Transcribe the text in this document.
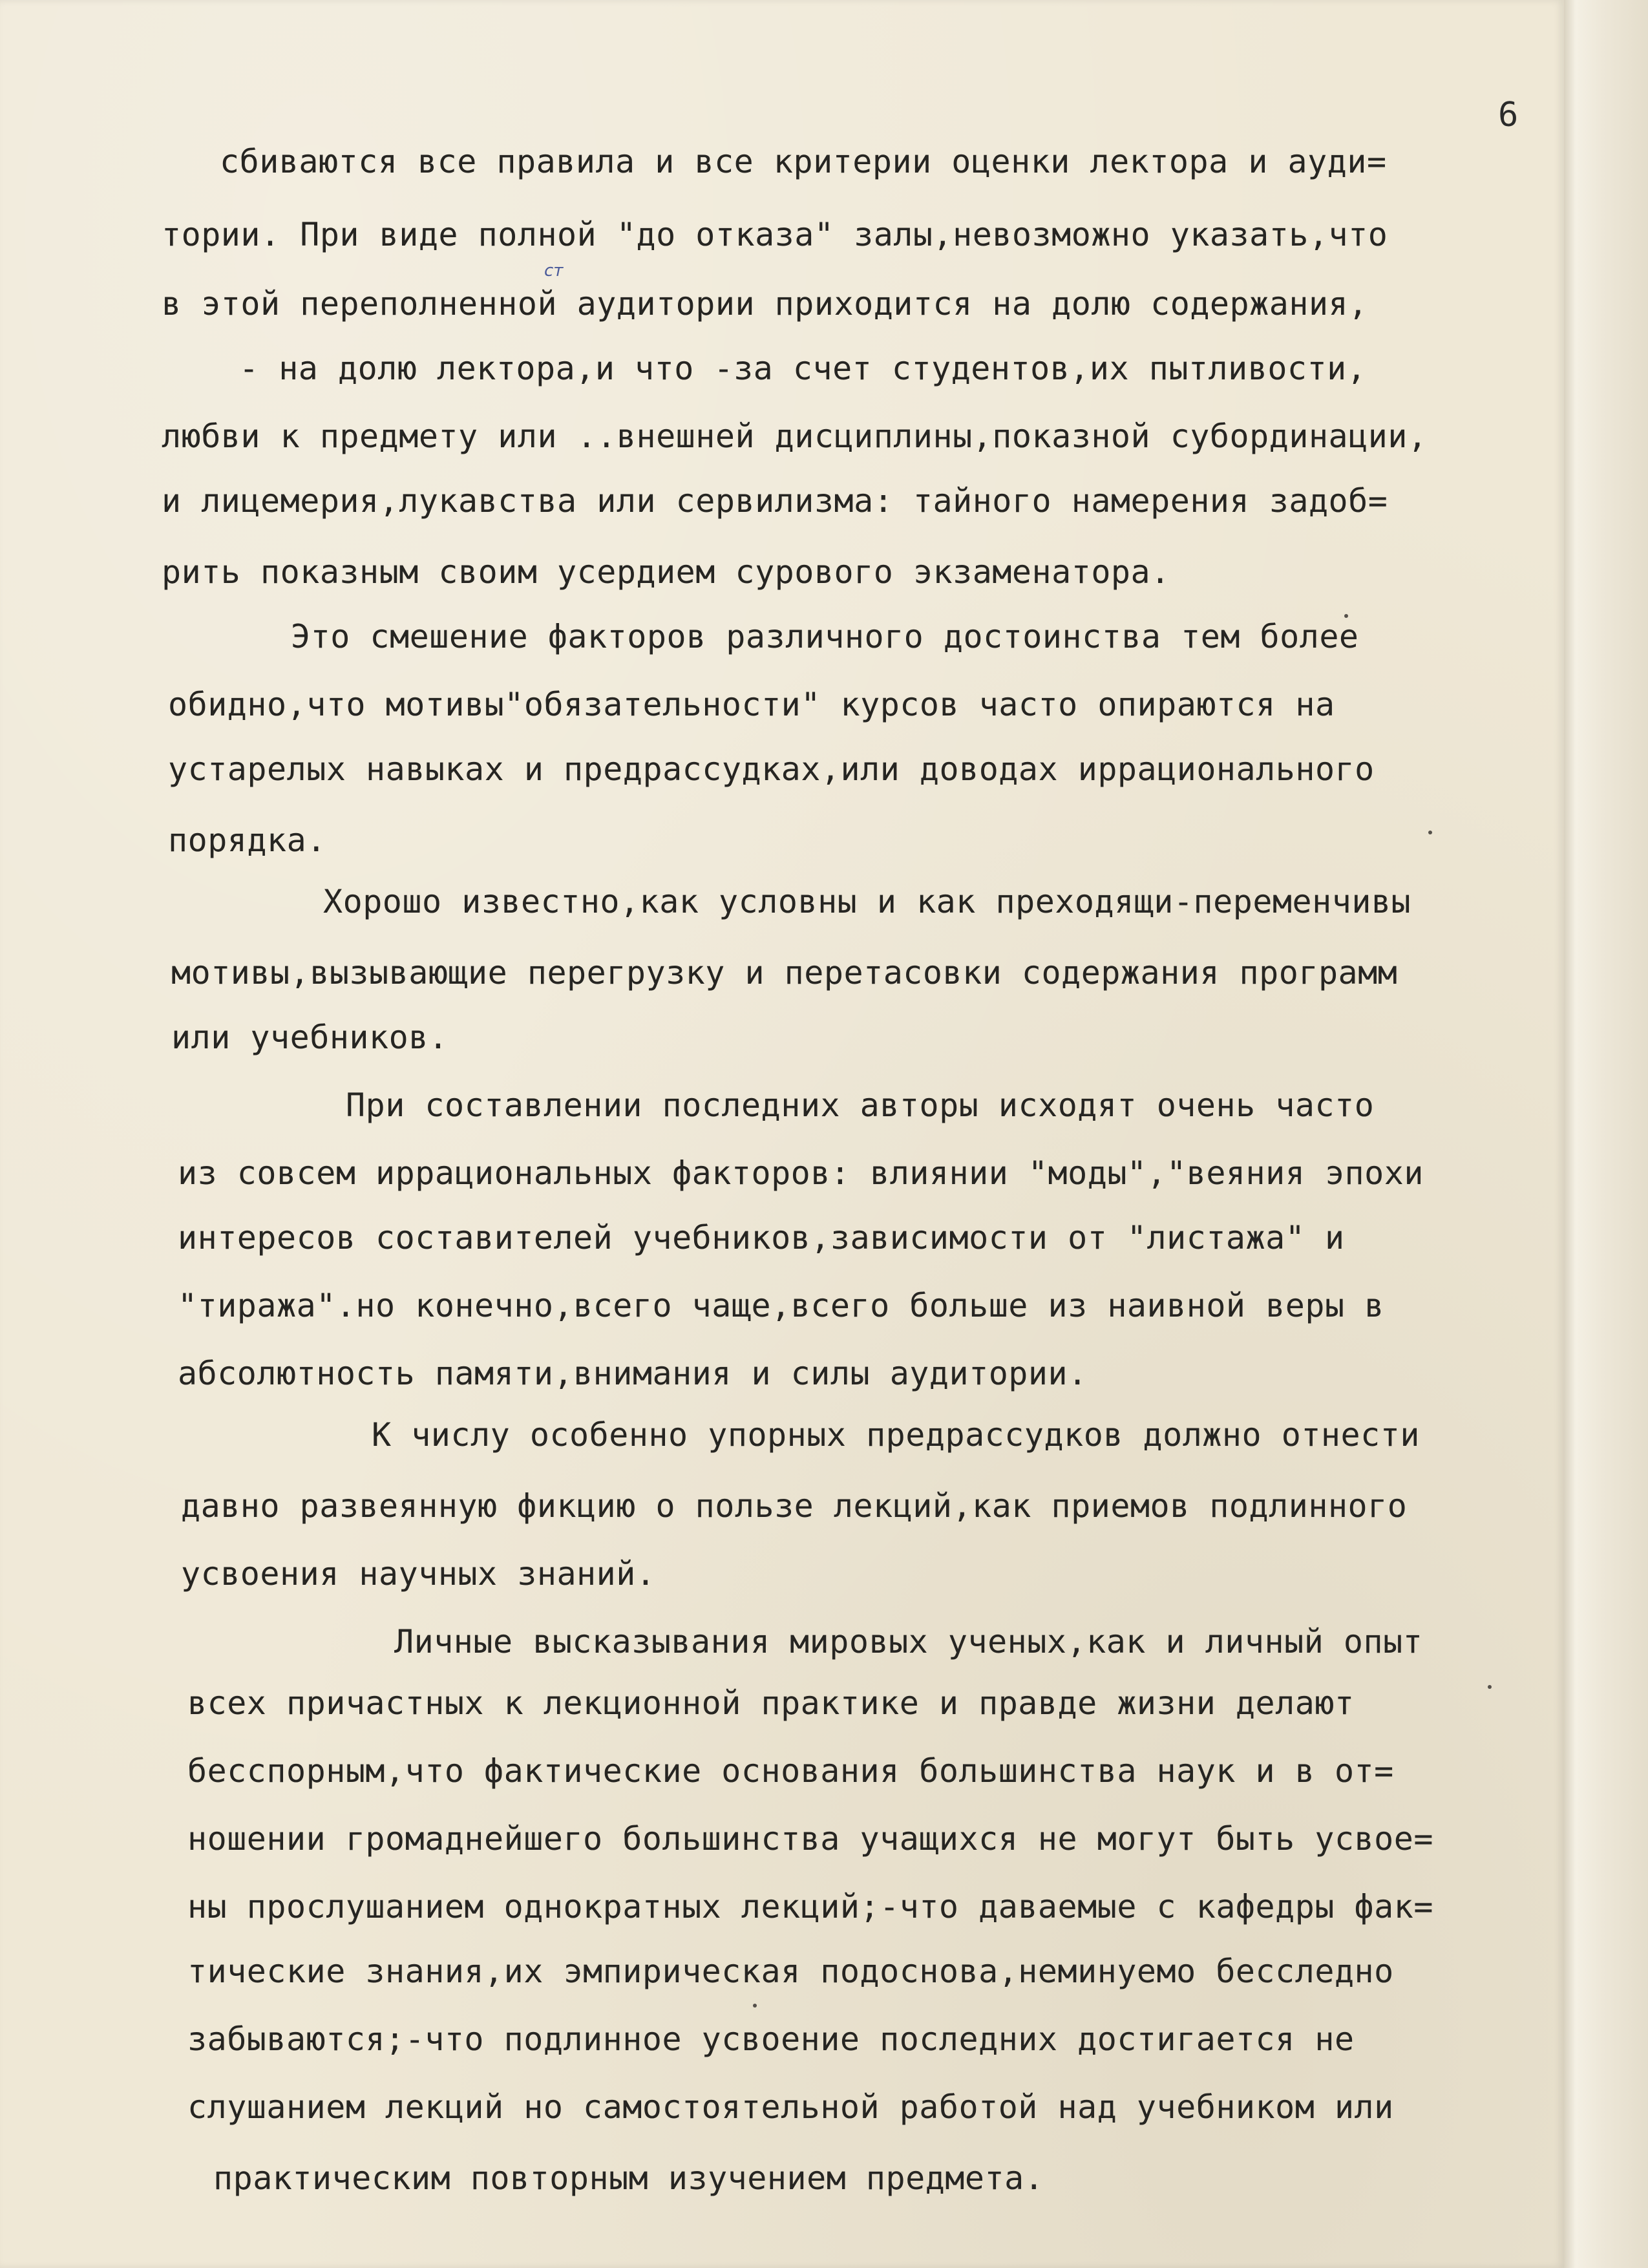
6
ст
сбиваются все правила и все критерии оценки лектора и ауди=
тории. При виде полной "до отказа" залы,невозможно указать,что
в этой переполненной аудитории приходится на долю содержания,
- на долю лектора,и что -за счет студентов,их пытливости,
любви к предмету или ..внешней дисциплины,показной субординации,
и лицемерия,лукавства или сервилизма: тайного намерения задоб=
рить показным своим усердием сурового экзаменатора.
Это смешение факторов различного достоинства тем более
обидно,что мотивы"обязательности" курсов часто опираются на
устарелых навыках и предрассудках,или доводах иррационального
порядка.
Хорошо известно,как условны и как преходящи-переменчивы
мотивы,вызывающие перегрузку и перетасовки содержания программ
или учебников.
При составлении последних авторы исходят очень часто
из совсем иррациональных факторов: влиянии "моды","веяния эпохи
интересов составителей учебников,зависимости от "листажа" и
"тиража".но конечно,всего чаще,всего больше из наивной веры в
абсолютность памяти,внимания и силы аудитории.
К числу особенно упорных предрассудков должно отнести
давно развеянную фикцию о пользе лекций,как приемов подлинного
усвоения научных знаний.
Личные высказывания мировых ученых,как и личный опыт
всех причастных к лекционной практике и правде жизни делают
бесспорным,что фактические основания большинства наук и в от=
ношении громаднейшего большинства учащихся не могут быть усвое=
ны прослушанием однократных лекций;-что даваемые с кафедры фак=
тические знания,их эмпирическая подоснова,неминуемо бесследно
забываются;-что подлинное усвоение последних достигается не
слушанием лекций но самостоятельной работой над учебником или
практическим повторным изучением предмета.
